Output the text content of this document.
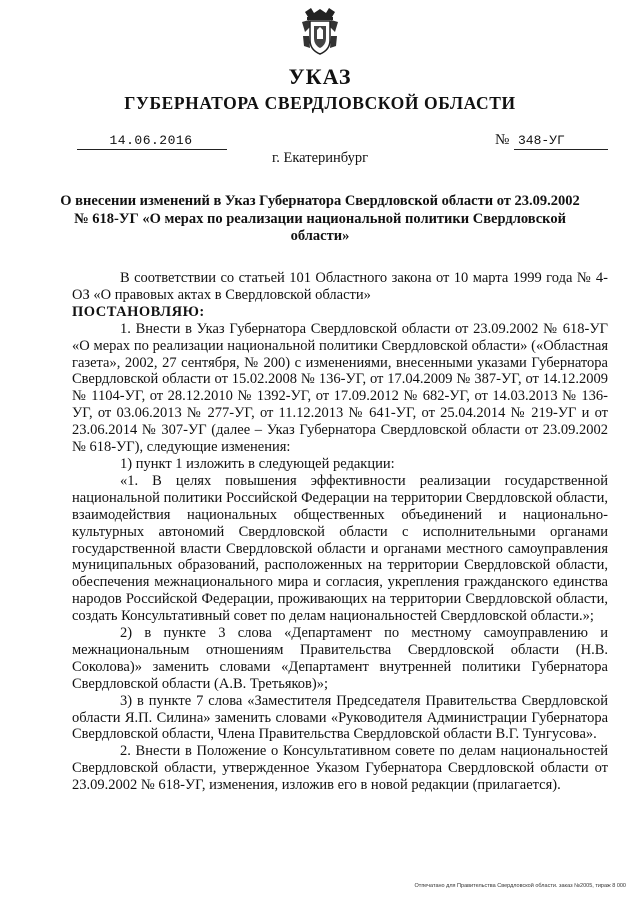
УКАЗ
ГУБЕРНАТОРА СВЕРДЛОВСКОЙ ОБЛАСТИ
14.06.2016	№ 348-УГ
г. Екатеринбург
О внесении изменений в Указ Губернатора Свердловской области от 23.09.2002 № 618-УГ «О мерах по реализации национальной политики Свердловской области»

В соответствии со статьей 101 Областного закона от 10 марта 1999 года № 4-ОЗ «О правовых актах в Свердловской области»

ПОСТАНОВЛЯЮ:

1. Внести в Указ Губернатора Свердловской области от 23.09.2002 № 618-УГ «О мерах по реализации национальной политики Свердловской области» («Областная газета», 2002, 27 сентября, № 200) с изменениями, внесенными указами Губернатора Свердловской области от 15.02.2008 № 136-УГ, от 17.04.2009 № 387-УГ, от 14.12.2009 № 1104-УГ, от 28.12.2010 № 1392-УГ, от 17.09.2012 № 682-УГ, от 14.03.2013 № 136-УГ, от 03.06.2013 № 277-УГ, от 11.12.2013 № 641-УГ, от 25.04.2014 № 219-УГ и от 23.06.2014 № 307-УГ (далее – Указ Губернатора Свердловской области от 23.09.2002 № 618-УГ), следующие изменения:

1) пункт 1 изложить в следующей редакции:

«1. В целях повышения эффективности реализации государственной национальной политики Российской Федерации на территории Свердловской области, взаимодействия национальных общественных объединений и национально-культурных автономий Свердловской области с исполнительными органами государственной власти Свердловской области и органами местного самоуправления муниципальных образований, расположенных на территории Свердловской области, обеспечения межнационального мира и согласия, укрепления гражданского единства народов Российской Федерации, проживающих на территории Свердловской области, создать Консультативный совет по делам национальностей Свердловской области.»;

2) в пункте 3 слова «Департамент по местному самоуправлению и межнациональным отношениям Правительства Свердловской области (Н.В. Соколова)» заменить словами «Департамент внутренней политики Губернатора Свердловской области (А.В. Третьяков)»;

3) в пункте 7 слова «Заместителя Председателя Правительства Свердловской области Я.П. Силина» заменить словами «Руководителя Администрации Губернатора Свердловской области, Члена Правительства Свердловской области В.Г. Тунгусова».

2. Внести в Положение о Консультативном совете по делам национальностей Свердловской области, утвержденное Указом Губернатора Свердловской области от 23.09.2002 № 618-УГ, изменения, изложив его в новой редакции (прилагается).

Отпечатано для Правительства Свердловской области. заказ №2005, тираж 8 000
